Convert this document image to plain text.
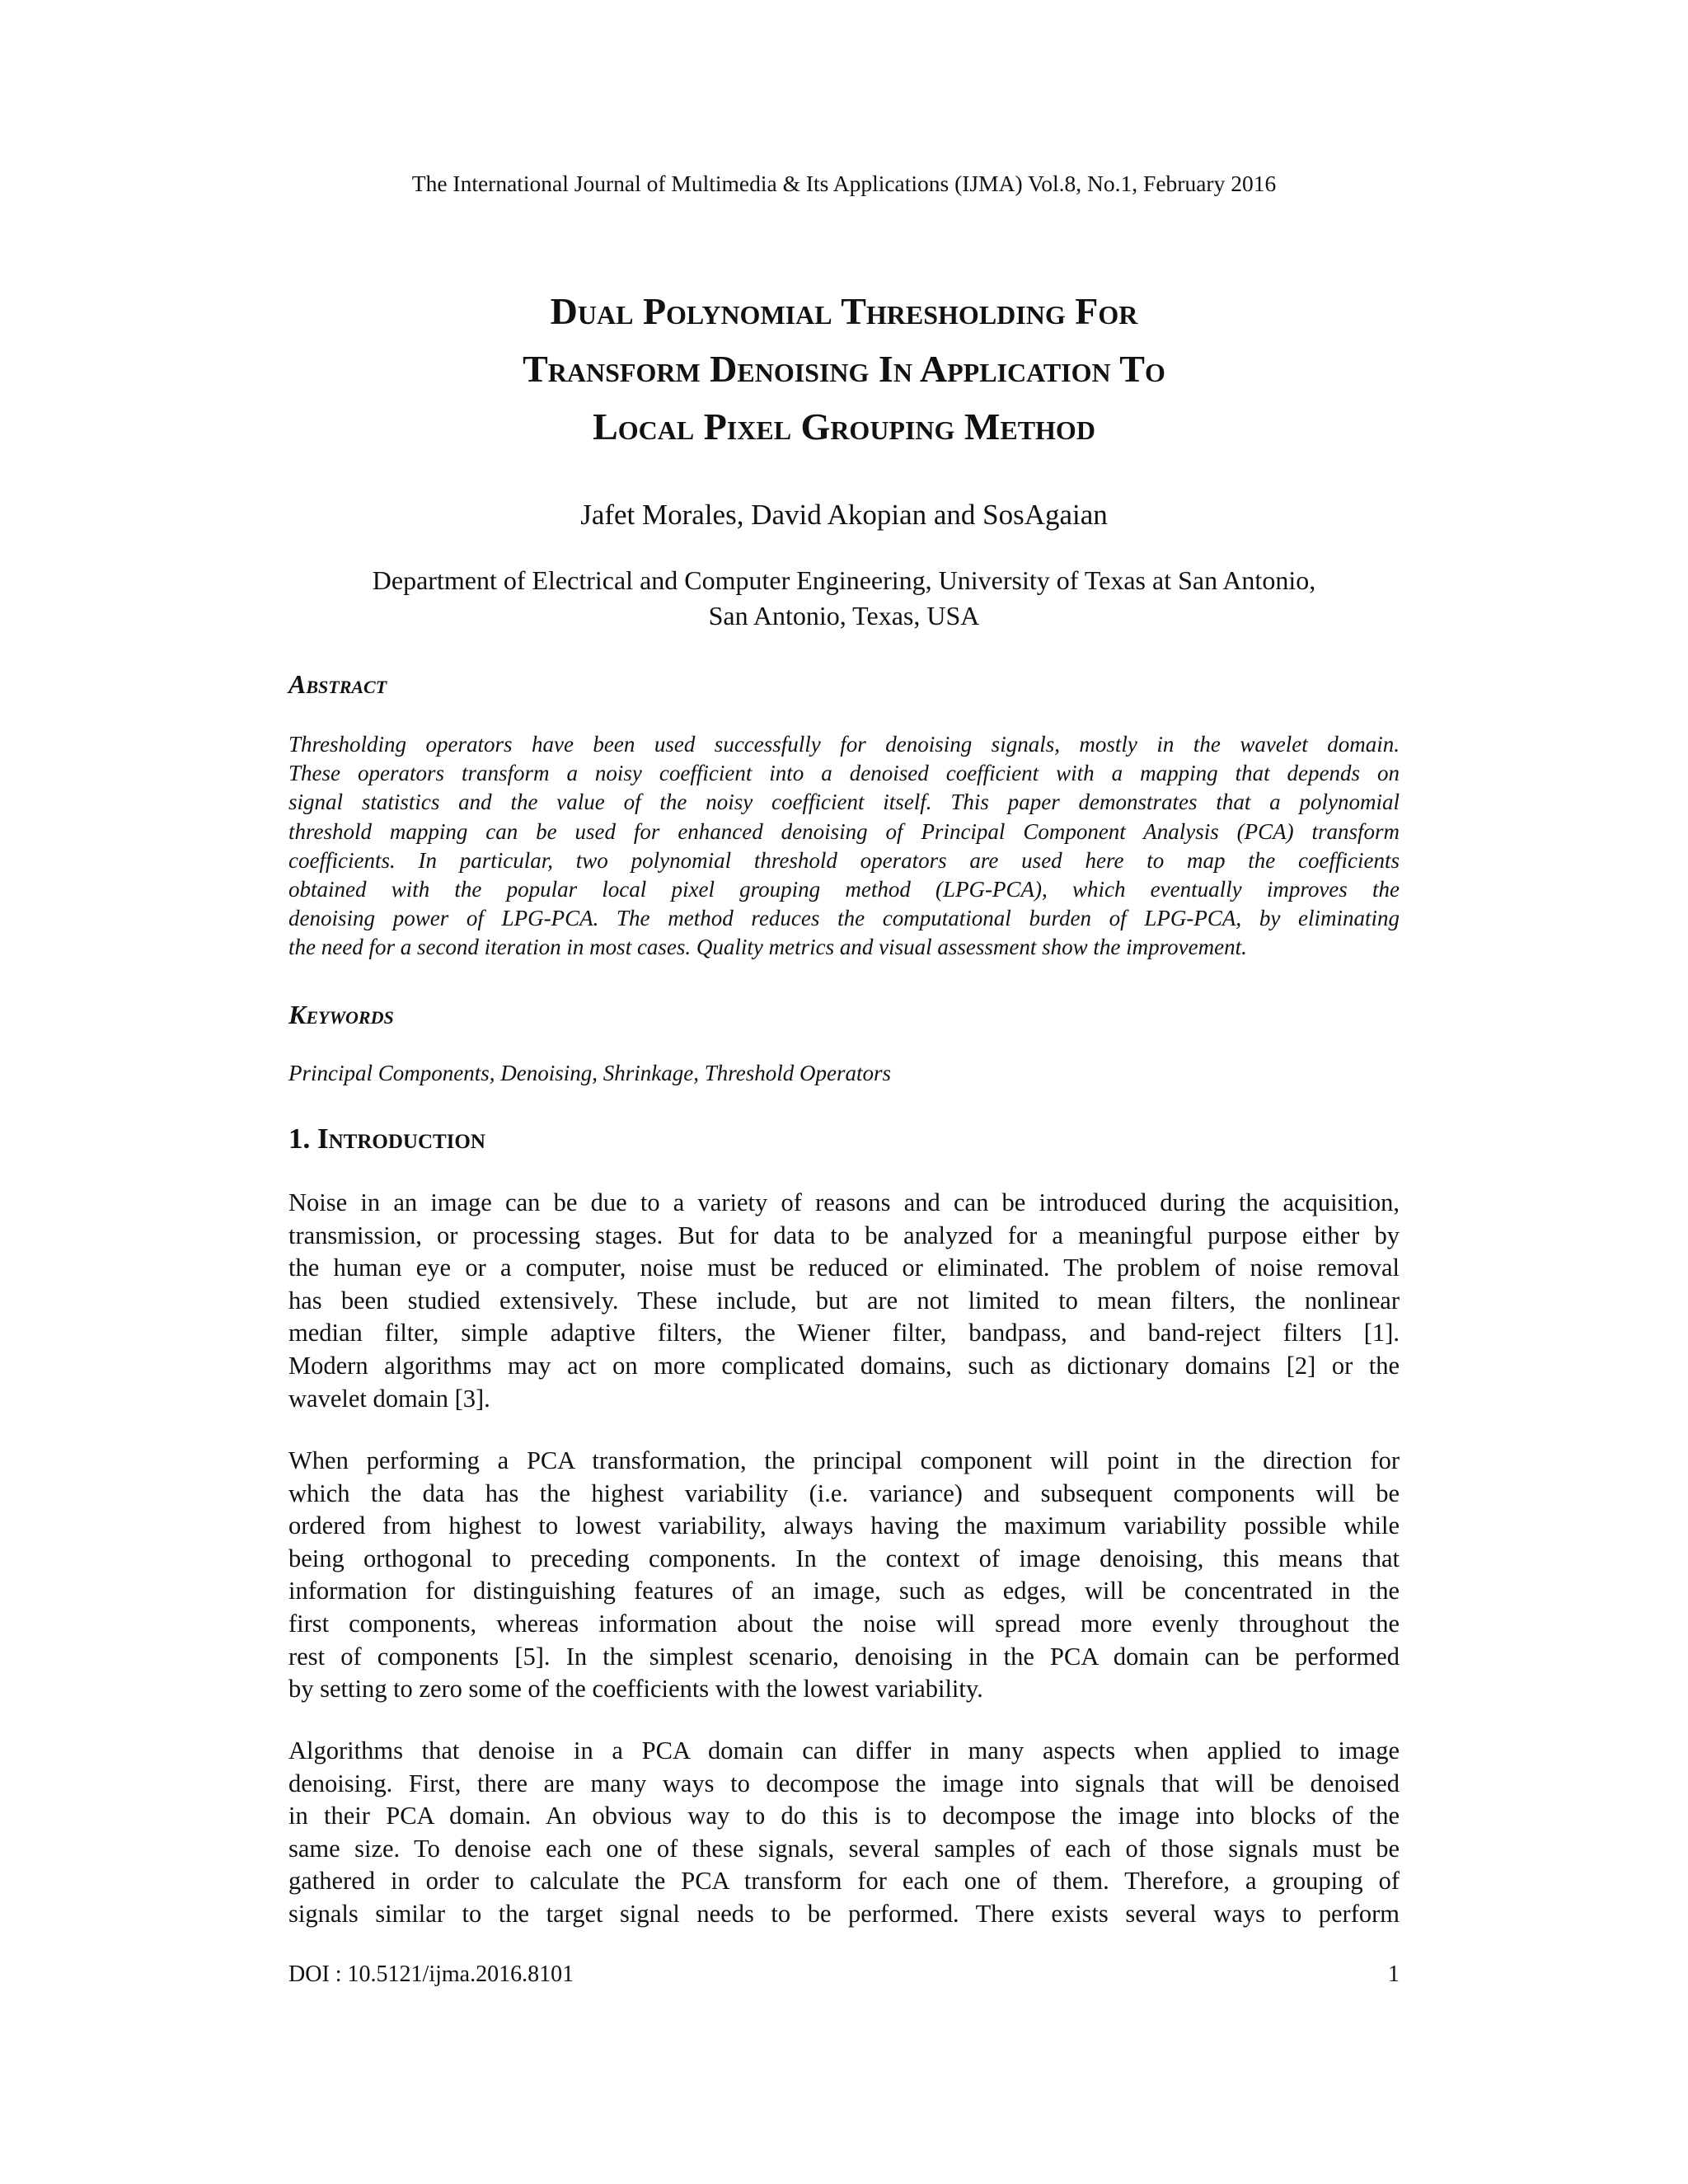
The International Journal of Multimedia & Its Applications (IJMA) Vol.8, No.1, February 2016
Dual Polynomial Thresholding For
Transform Denoising In Application To
Local Pixel Grouping Method
Jafet Morales, David Akopian and SosAgaian
Department of Electrical and Computer Engineering, University of Texas at San Antonio,
San Antonio, Texas, USA
Abstract
Thresholding operators have been used successfully for denoising signals, mostly in the wavelet domain.
These operators transform a noisy coefficient into a denoised coefficient with a mapping that depends on
signal statistics and the value of the noisy coefficient itself. This paper demonstrates that a polynomial
threshold mapping can be used for enhanced denoising of Principal Component Analysis (PCA) transform
coefficients. In particular, two polynomial threshold operators are used here to map the coefficients
obtained with the popular local pixel grouping method (LPG-PCA), which eventually improves the
denoising power of LPG-PCA. The method reduces the computational burden of LPG-PCA, by eliminating
the need for a second iteration in most cases. Quality metrics and visual assessment show the improvement.
Keywords
Principal Components, Denoising, Shrinkage, Threshold Operators
1. Introduction
Noise in an image can be due to a variety of reasons and can be introduced during the acquisition,
transmission, or processing stages. But for data to be analyzed for a meaningful purpose either by
the human eye or a computer, noise must be reduced or eliminated. The problem of noise removal
has been studied extensively. These include, but are not limited to mean filters, the nonlinear
median filter, simple adaptive filters, the Wiener filter, bandpass, and band-reject filters [1].
Modern algorithms may act on more complicated domains, such as dictionary domains [2] or the
wavelet domain [3].
When performing a PCA transformation, the principal component will point in the direction for
which the data has the highest variability (i.e. variance) and subsequent components will be
ordered from highest to lowest variability, always having the maximum variability possible while
being orthogonal to preceding components. In the context of image denoising, this means that
information for distinguishing features of an image, such as edges, will be concentrated in the
first components, whereas information about the noise will spread more evenly throughout the
rest of components [5]. In the simplest scenario, denoising in the PCA domain can be performed
by setting to zero some of the coefficients with the lowest variability.
Algorithms that denoise in a PCA domain can differ in many aspects when applied to image
denoising. First, there are many ways to decompose the image into signals that will be denoised
in their PCA domain. An obvious way to do this is to decompose the image into blocks of the
same size. To denoise each one of these signals, several samples of each of those signals must be
gathered in order to calculate the PCA transform for each one of them. Therefore, a grouping of
signals similar to the target signal needs to be performed. There exists several ways to perform
DOI : 10.5121/ijma.2016.8101	1
